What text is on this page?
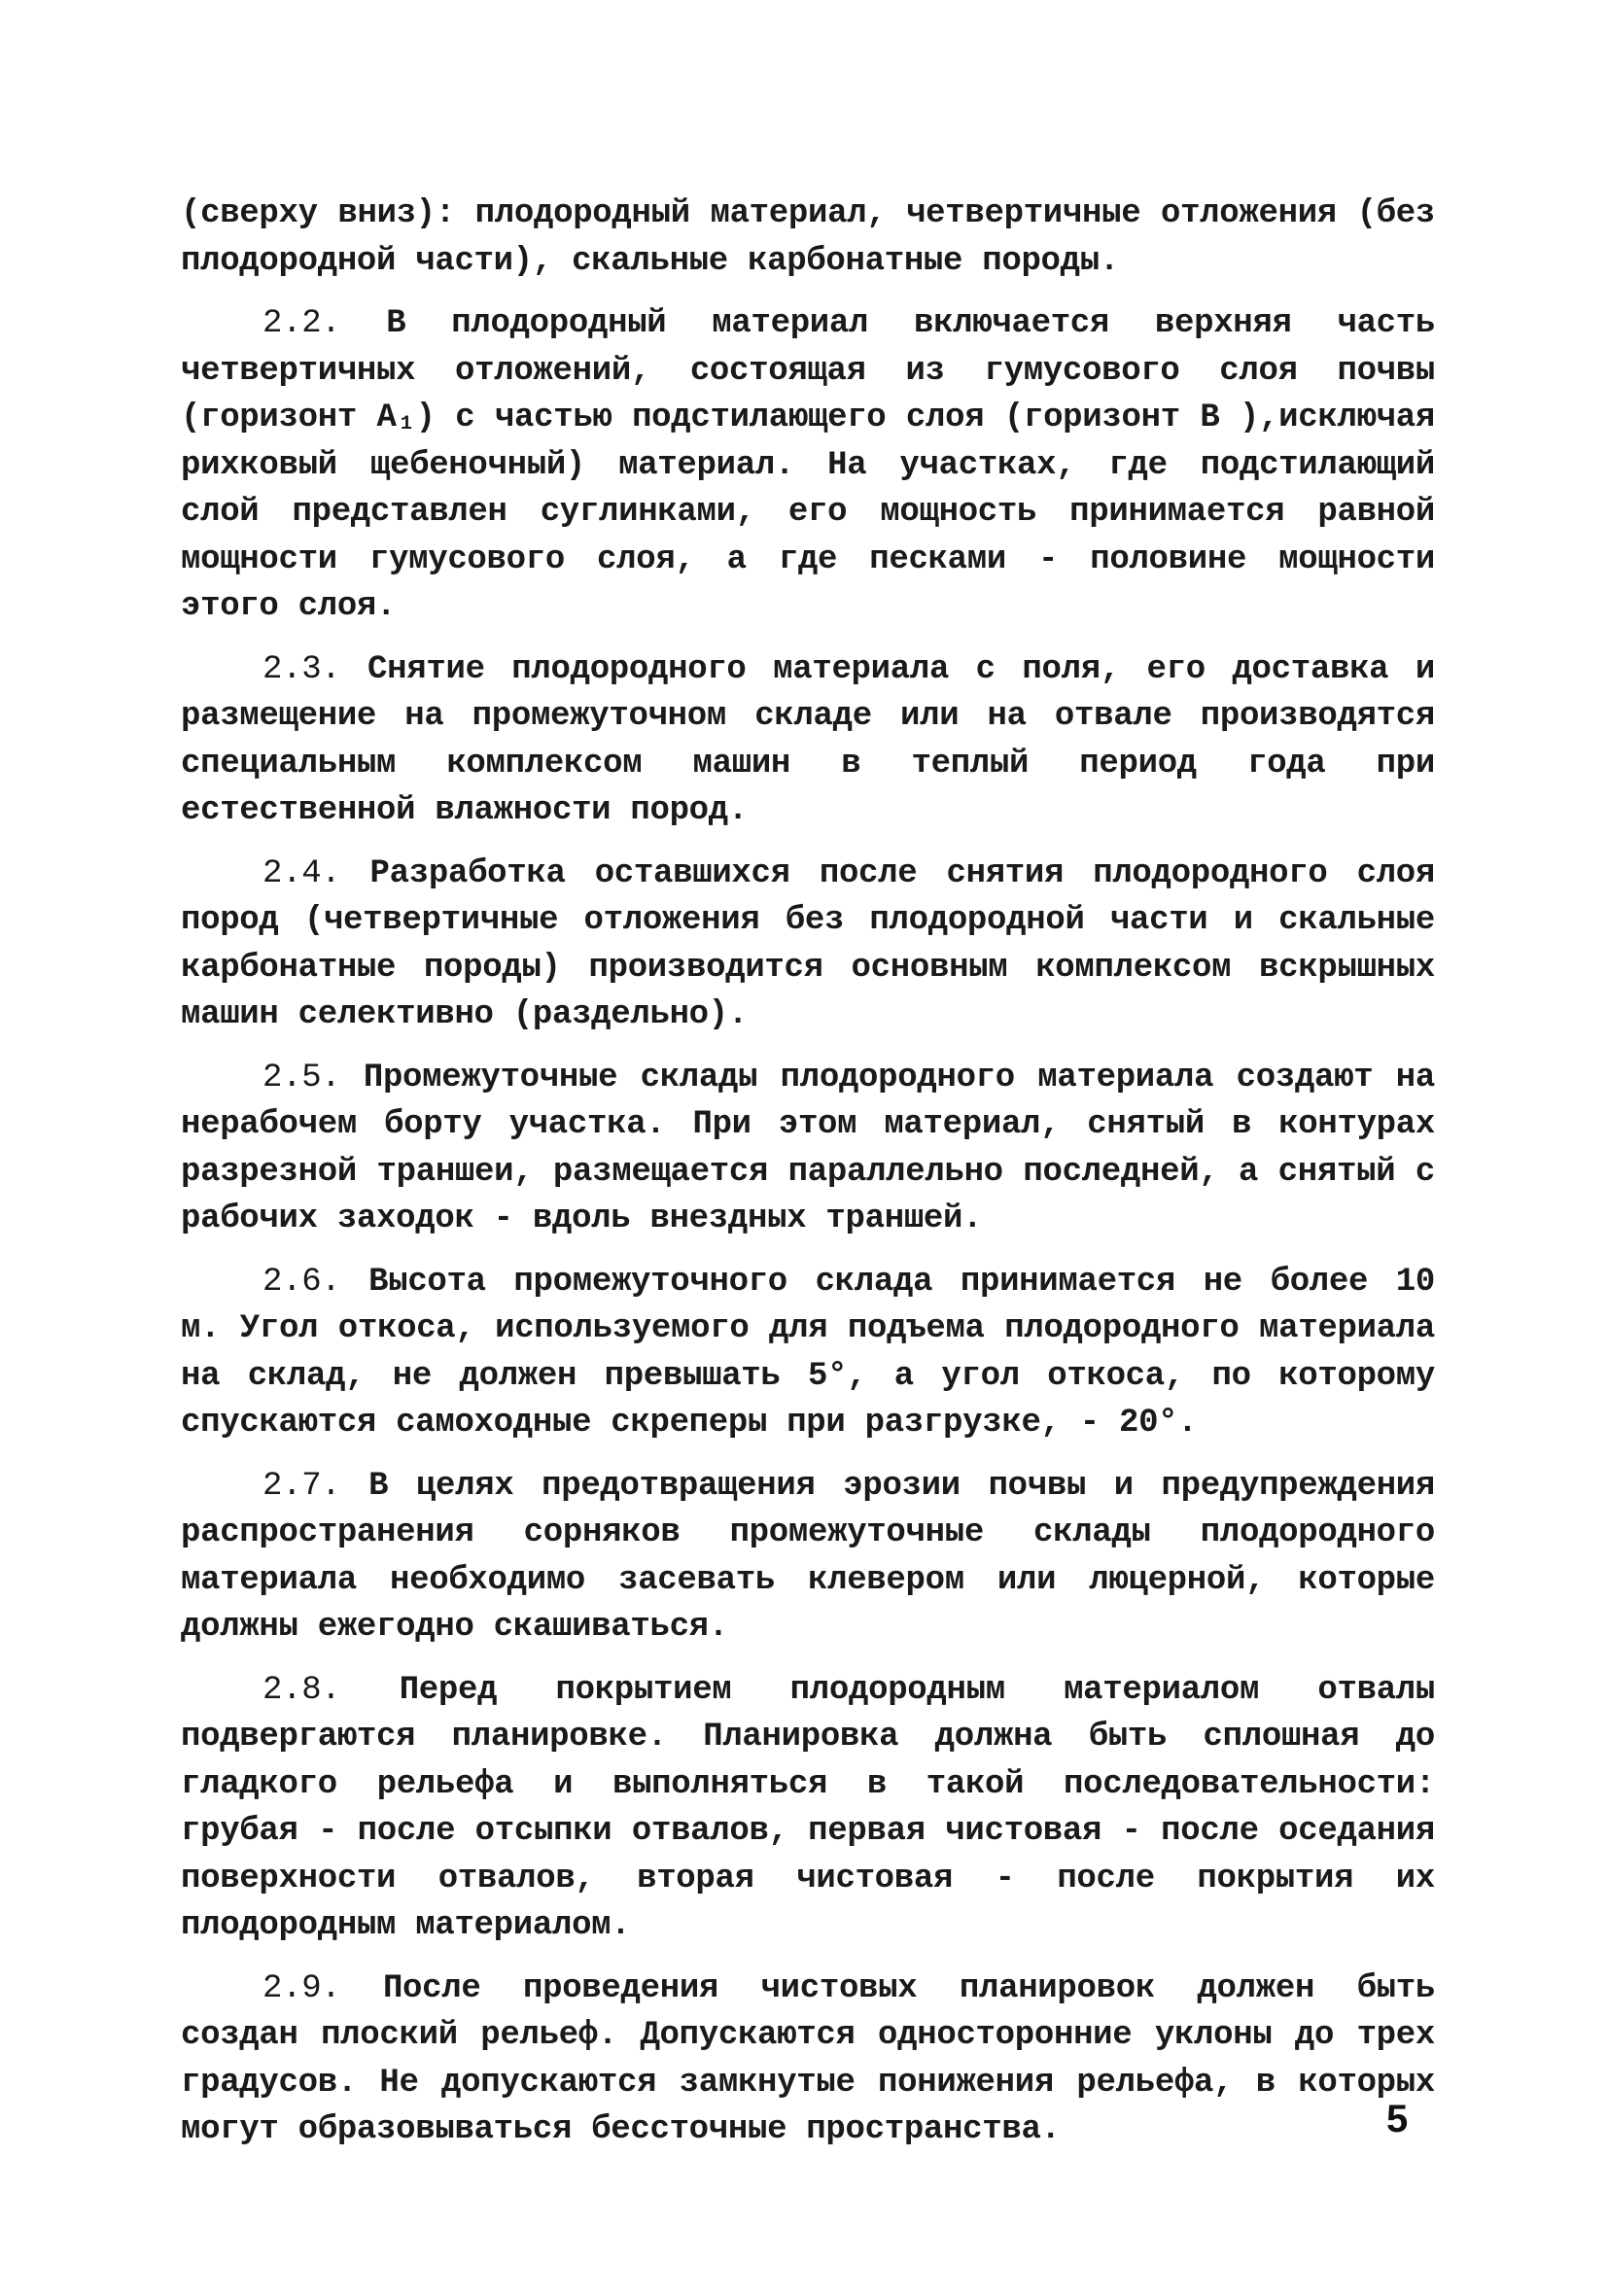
(сверху вниз): плодородный материал, четвертичные отложения (без плодородной части), скальные карбонатные породы.

2.2. В плодородный материал включается верхняя часть четвертичных отложений, состоящая из гумусового слоя почвы (горизонт A₁) с частью подстилающего слоя (горизонт B ),исключая рихковый щебеночный) материал. На участках, где подстилающий слой представлен суглинками, его мощность принимается равной мощности гумусового слоя, а где песками - половине мощности этого слоя.

2.3. Снятие плодородного материала с поля, его доставка и размещение на промежуточном складе или на отвале производятся специальным комплексом машин в теплый период года при естественной влажности пород.

2.4. Разработка оставшихся после снятия плодородного слоя пород (четвертичные отложения без плодородной части и скальные карбонатные породы) производится основным комплексом вскрышных машин селективно (раздельно).

2.5. Промежуточные склады плодородного материала создают на нерабочем борту участка. При этом материал, снятый в контурах разрезной траншеи, размещается параллельно последней, а снятый с рабочих заходок - вдоль внездных траншей.

2.6. Высота промежуточного склада принимается не более 10 м. Угол откоса, используемого для подъема плодородного материала на склад, не должен превышать 5°, а угол откоса, по которому спускаются самоходные скреперы при разгрузке, - 20°.

2.7. В целях предотвращения эрозии почвы и предупреждения распространения сорняков промежуточные склады плодородного материала необходимо засевать клевером или люцерной, которые должны ежегодно скашиваться.

2.8. Перед покрытием плодородным материалом отвалы подвергаются планировке. Планировка должна быть сплошная до гладкого рельефа и выполняться в такой последовательности: грубая - после отсыпки отвалов, первая чистовая - после оседания поверхности отвалов, вторая чистовая - после покрытия их плодородным материалом.

2.9. После проведения чистовых планировок должен быть создан плоский рельеф. Допускаются односторонние уклоны до трех градусов. Не допускаются замкнутые понижения рельефа, в которых могут образовываться бессточные пространства.	5
